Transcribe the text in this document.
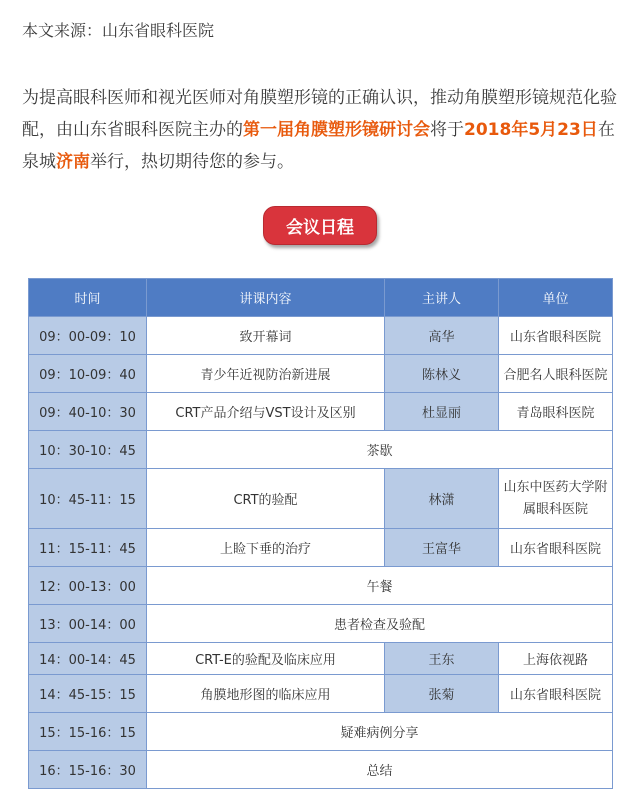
本文来源：山东省眼科医院
为提高眼科医师和视光医师对角膜塑形镜的正确认识，推动角膜塑形镜规范化验配，由山东省眼科医院主办的第一届角膜塑形镜研讨会将于2018年5月23日在泉城济南举行，热切期待您的参与。
会议日程
时间	讲课内容	主讲人	单位
09：00-09：10	致开幕词	高华	山东省眼科医院
09：10-09：40	青少年近视防治新进展	陈林义	合肥名人眼科医院
09：40-10：30	CRT产品介绍与VST设计及区别	杜显丽	青岛眼科医院
10：30-10：45	茶歇		
10：45-11：15	CRT的验配	林潇	山东中医药大学附属眼科医院
11：15-11：45	上睑下垂的治疗	王富华	山东省眼科医院
12：00-13：00	午餐		
13：00-14：00	患者检查及验配		
14：00-14：45	CRT-E的验配及临床应用	王东	上海依视路
14：45-15：15	角膜地形图的临床应用	张菊	山东省眼科医院
15：15-16：15	疑难病例分享		
16：15-16：30	总结		
